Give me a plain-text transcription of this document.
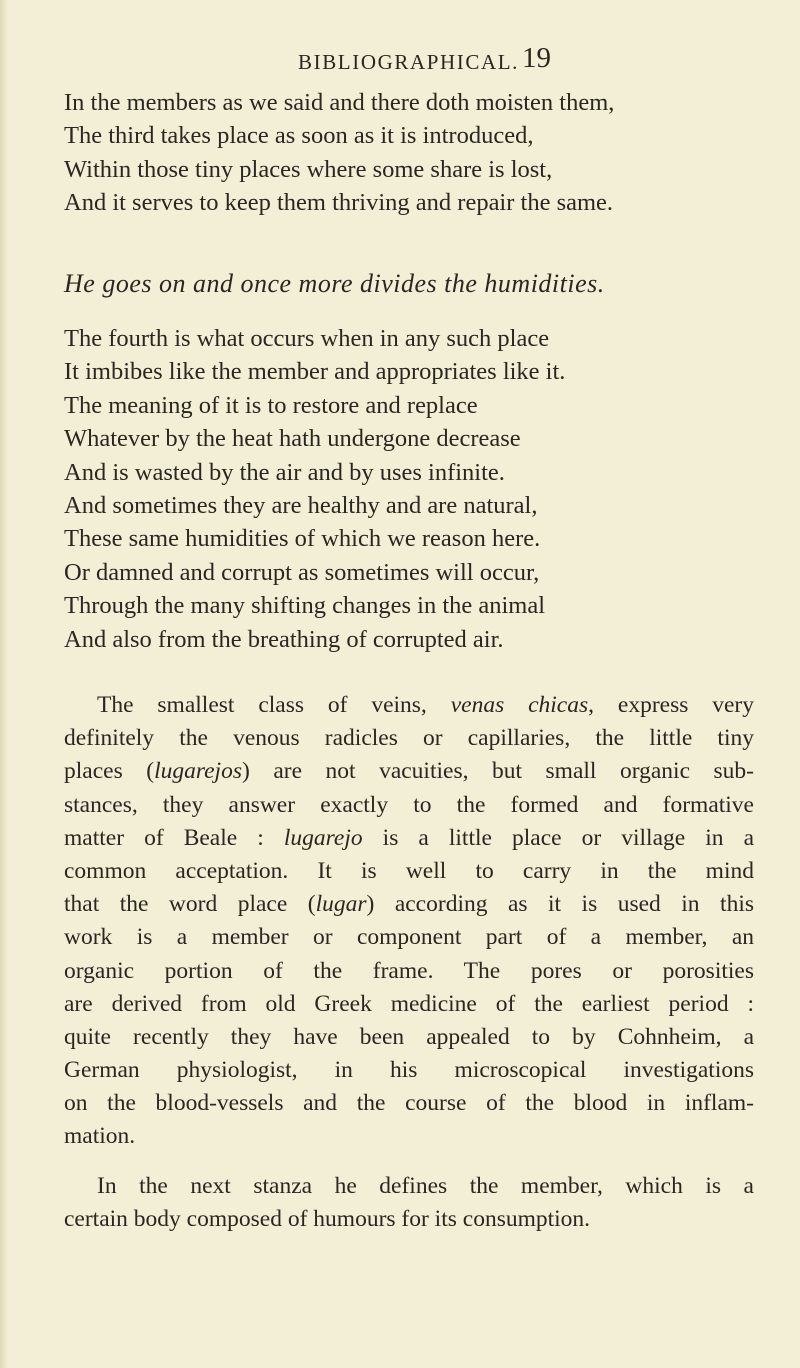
BIBLIOGRAPHICAL. 19
In the members as we said and there doth moisten them,
The third takes place as soon as it is introduced,
Within those tiny places where some share is lost,
And it serves to keep them thriving and repair the same.
He goes on and once more divides the humidities.
The fourth is what occurs when in any such place
It imbibes like the member and appropriates like it.
The meaning of it is to restore and replace
Whatever by the heat hath undergone decrease
And is wasted by the air and by uses infinite.
And sometimes they are healthy and are natural,
These same humidities of which we reason here.
Or damned and corrupt as sometimes will occur,
Through the many shifting changes in the animal
And also from the breathing of corrupted air.
The smallest class of veins, venas chicas, express very
definitely the venous radicles or capillaries, the little tiny
places (lugarejos) are not vacuities, but small organic sub-
stances, they answer exactly to the formed and formative
matter of Beale : lugarejo is a little place or village in a
common acceptation. It is well to carry in the mind
that the word place (lugar) according as it is used in this
work is a member or component part of a member, an
organic portion of the frame. The pores or porosities
are derived from old Greek medicine of the earliest period :
quite recently they have been appealed to by Cohnheim, a
German physiologist, in his microscopical investigations
on the blood-vessels and the course of the blood in inflam-
mation.
In the next stanza he defines the member, which is a
certain body composed of humours for its consumption.
